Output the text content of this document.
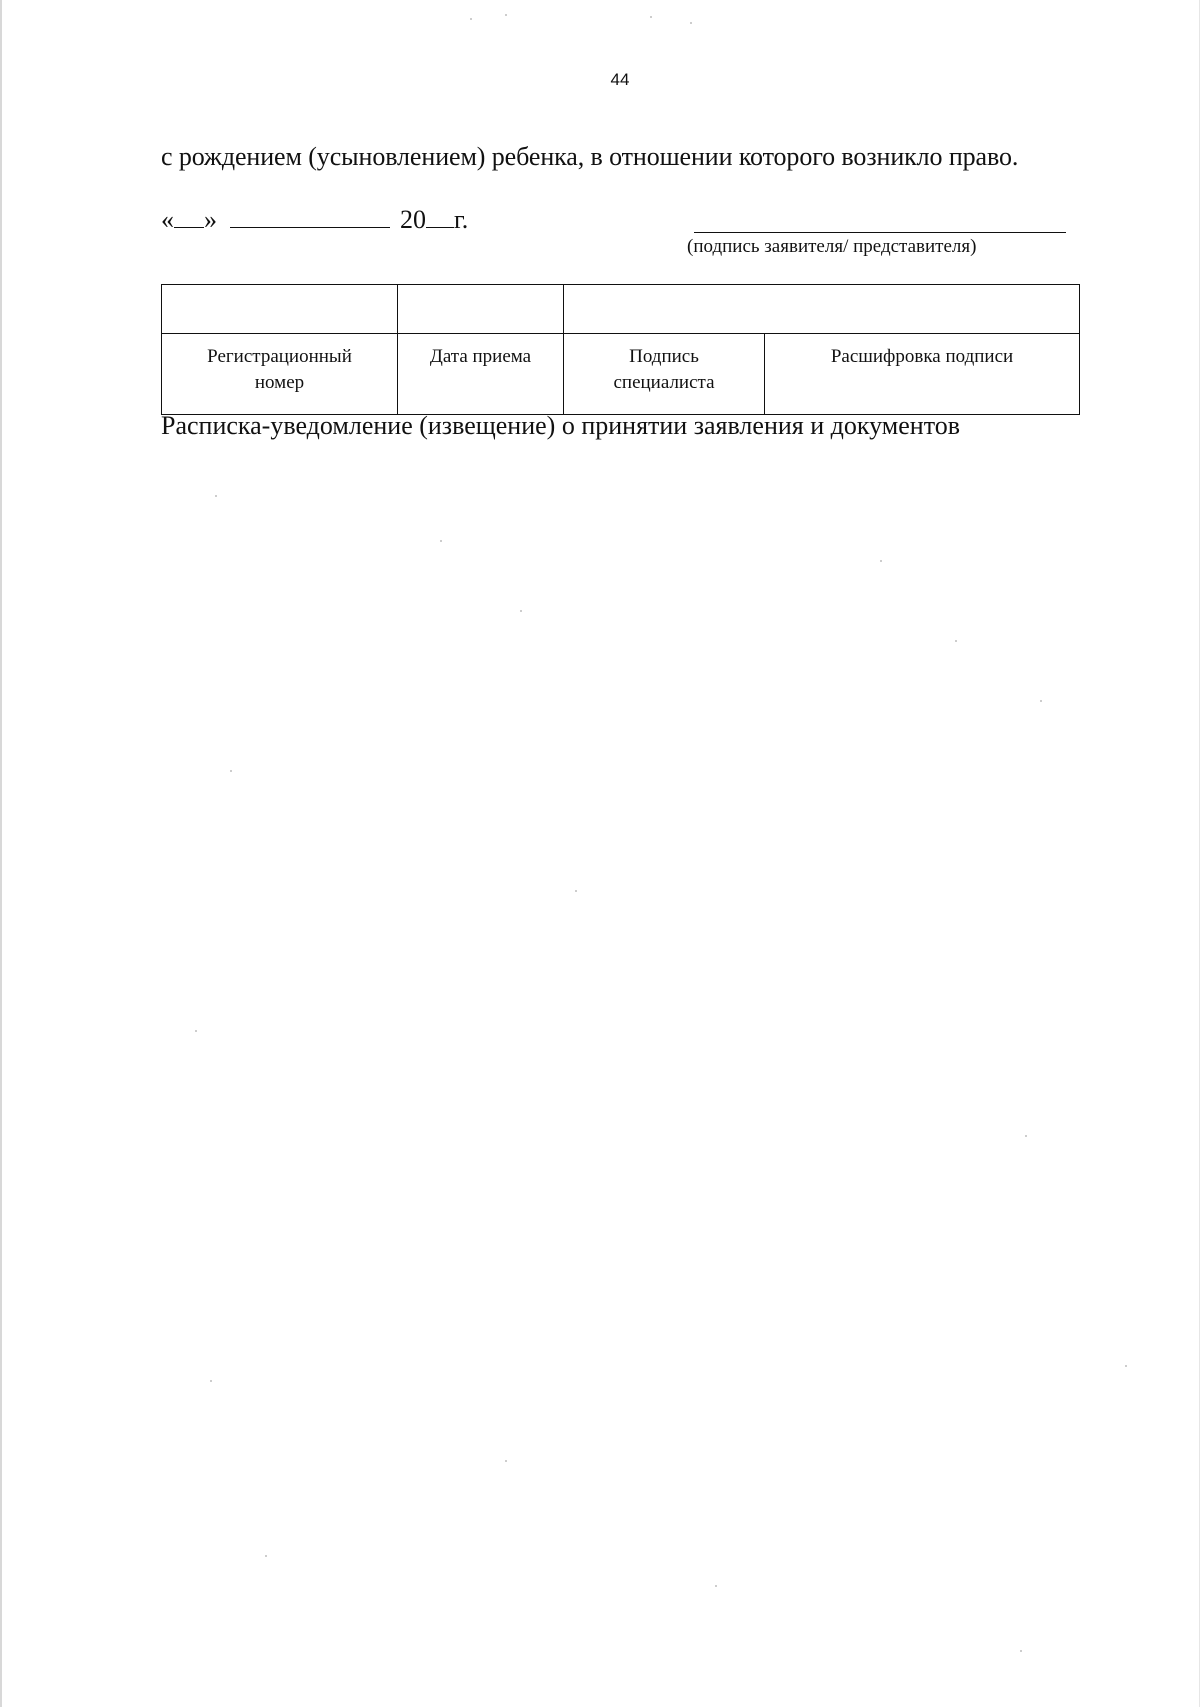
44
с рождением (усыновлением) ребенка, в отношении которого возникло право.
« »	20 г.
(подпись заявителя/ представителя)

Регистрационный номер	Дата приема	Подпись специалиста	Расшифровка подписи
Расписка-уведомление (извещение) о принятии заявления и документов
